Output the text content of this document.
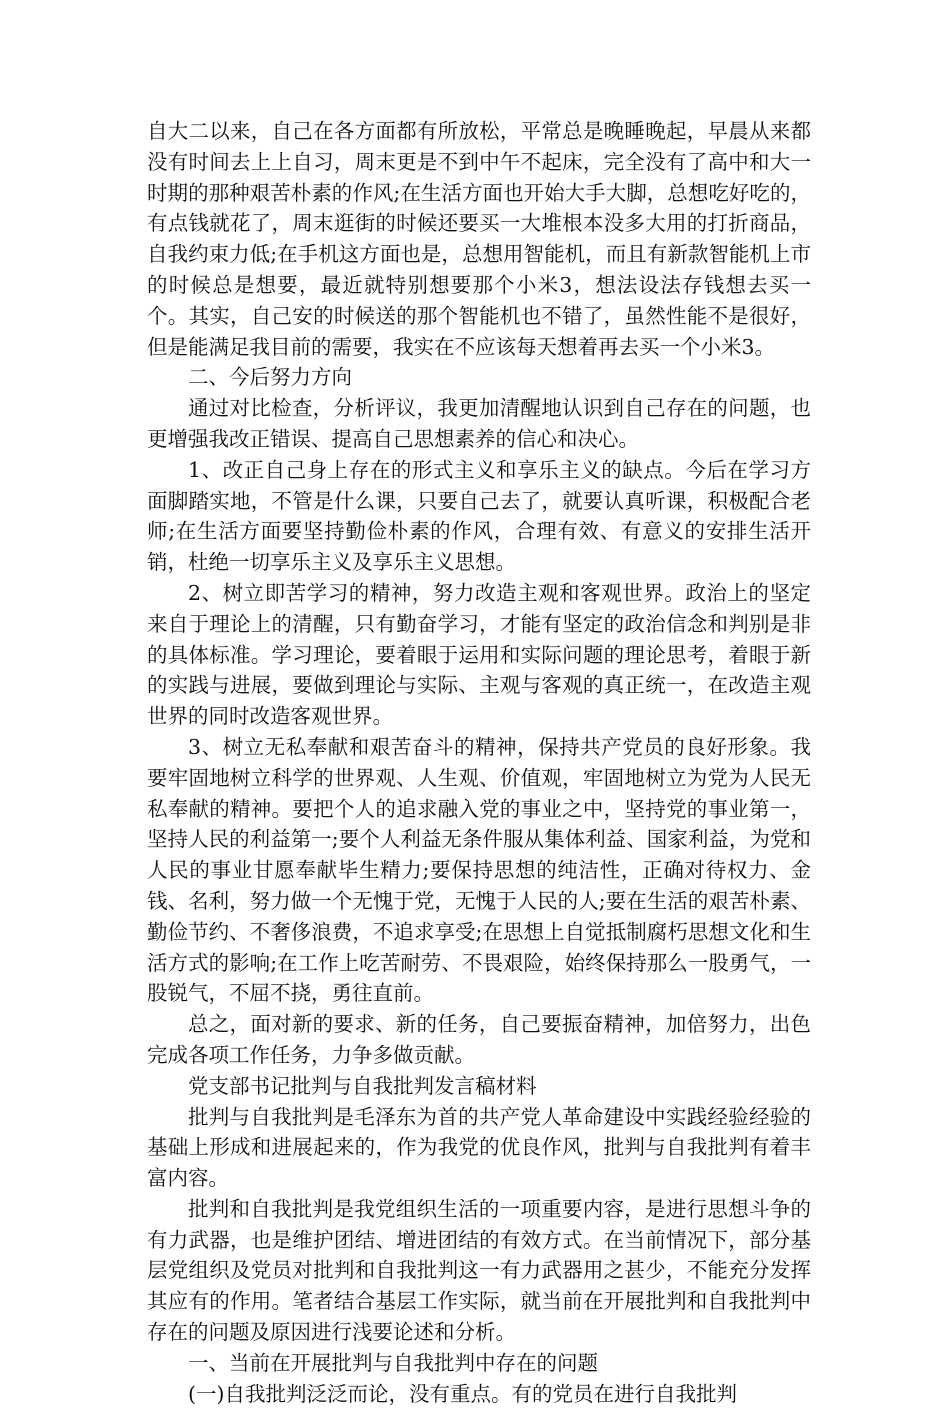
自大二以来，自己在各方面都有所放松，平常总是晚睡晚起，早晨从来都没有时间去上上自习，周末更是不到中午不起床，完全没有了高中和大一时期的那种艰苦朴素的作风;在生活方面也开始大手大脚，总想吃好吃的，有点钱就花了，周末逛街的时候还要买一大堆根本没多大用的打折商品，自我约束力低;在手机这方面也是，总想用智能机，而且有新款智能机上市的时候总是想要，最近就特别想要那个小米3，想法设法存钱想去买一个。其实，自己安的时候送的那个智能机也不错了，虽然性能不是很好，但是能满足我目前的需要，我实在不应该每天想着再去买一个小米3。

二、今后努力方向

通过对比检查，分析评议，我更加清醒地认识到自己存在的问题，也更增强我改正错误、提高自己思想素养的信心和决心。

1、改正自己身上存在的形式主义和享乐主义的缺点。今后在学习方面脚踏实地，不管是什么课，只要自己去了，就要认真听课，积极配合老师;在生活方面要坚持勤俭朴素的作风，合理有效、有意义的安排生活开销，杜绝一切享乐主义及享乐主义思想。

2、树立即苦学习的精神，努力改造主观和客观世界。政治上的坚定来自于理论上的清醒，只有勤奋学习，才能有坚定的政治信念和判别是非的具体标准。学习理论，要着眼于运用和实际问题的理论思考，着眼于新的实践与进展，要做到理论与实际、主观与客观的真正统一，在改造主观世界的同时改造客观世界。

3、树立无私奉献和艰苦奋斗的精神，保持共产党员的良好形象。我要牢固地树立科学的世界观、人生观、价值观，牢固地树立为党为人民无私奉献的精神。要把个人的追求融入党的事业之中，坚持党的事业第一，坚持人民的利益第一;要个人利益无条件服从集体利益、国家利益，为党和人民的事业甘愿奉献毕生精力;要保持思想的纯洁性，正确对待权力、金钱、名利，努力做一个无愧于党，无愧于人民的人;要在生活的艰苦朴素、勤俭节约、不奢侈浪费，不追求享受;在思想上自觉抵制腐朽思想文化和生活方式的影响;在工作上吃苦耐劳、不畏艰险，始终保持那么一股勇气，一股锐气，不屈不挠，勇往直前。

总之，面对新的要求、新的任务，自己要振奋精神，加倍努力，出色完成各项工作任务，力争多做贡献。

党支部书记批判与自我批判发言稿材料

批判与自我批判是毛泽东为首的共产党人革命建设中实践经验经验的基础上形成和进展起来的，作为我党的优良作风，批判与自我批判有着丰富内容。

批判和自我批判是我党组织生活的一项重要内容，是进行思想斗争的有力武器，也是维护团结、增进团结的有效方式。在当前情况下，部分基层党组织及党员对批判和自我批判这一有力武器用之甚少，不能充分发挥其应有的作用。笔者结合基层工作实际，就当前在开展批判和自我批判中存在的问题及原因进行浅要论述和分析。

一、当前在开展批判与自我批判中存在的问题

(一)自我批判泛泛而论，没有重点。有的党员在进行自我批判
